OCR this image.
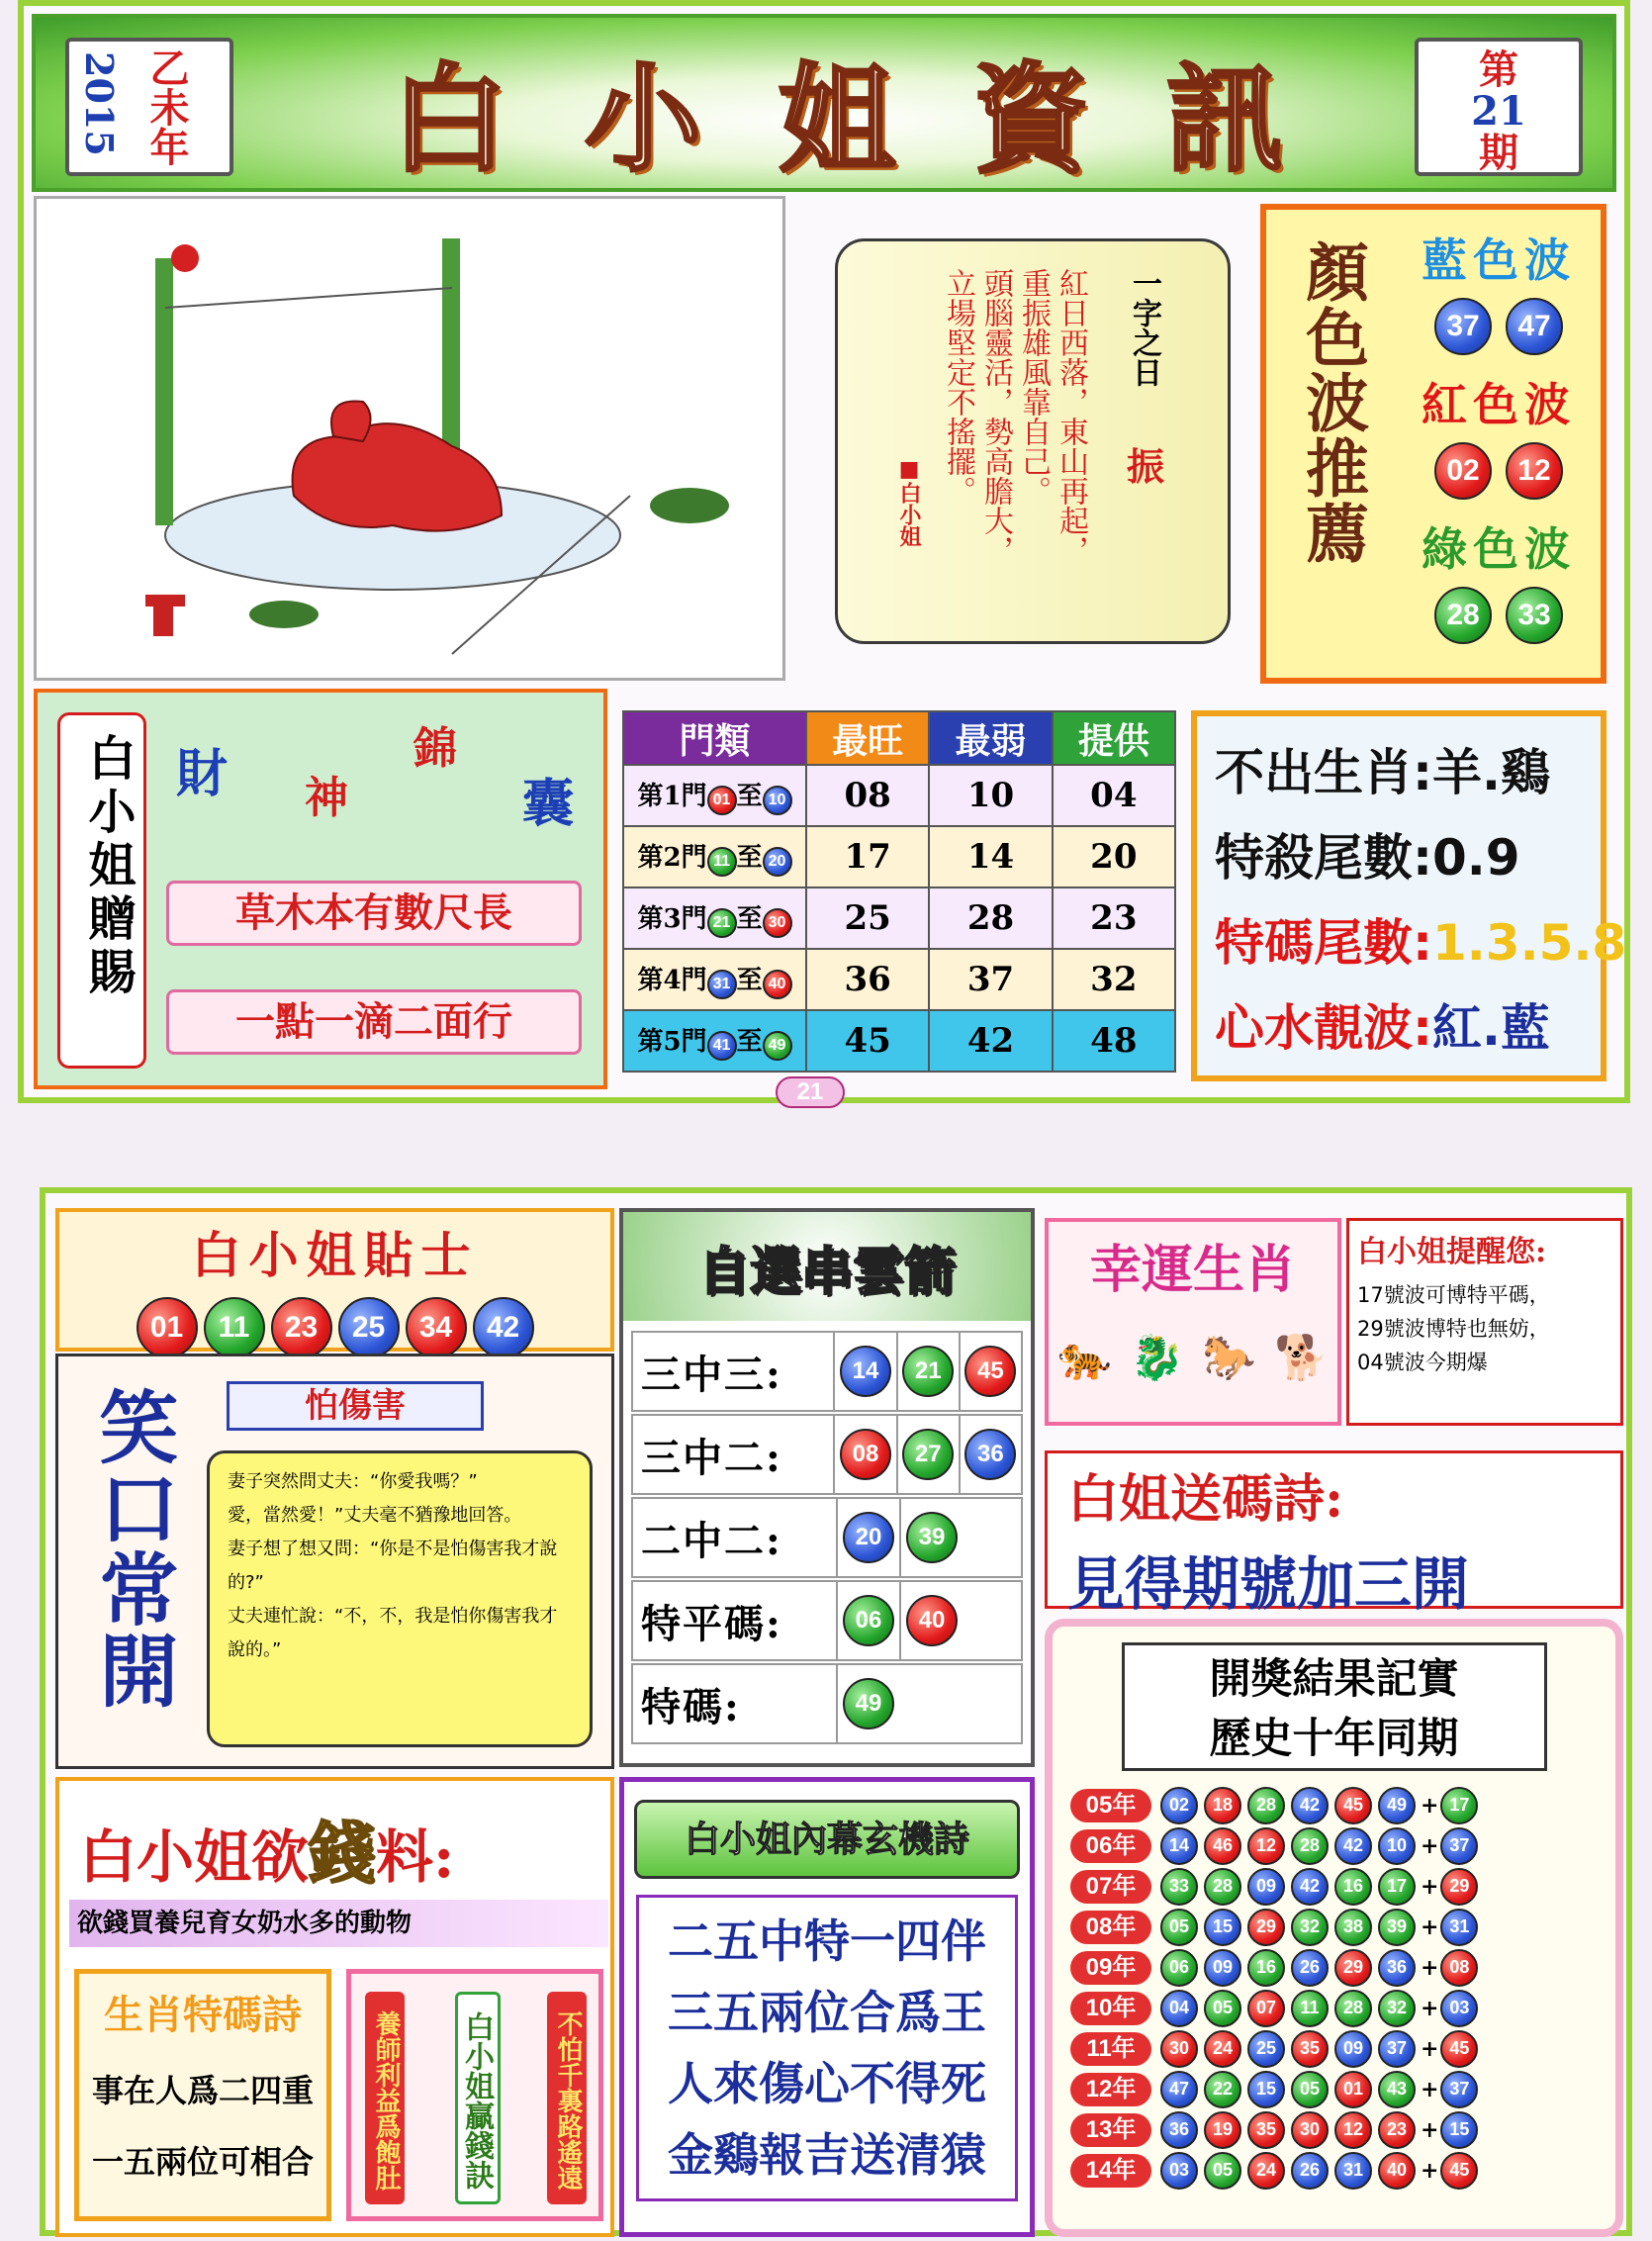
2015 乙未年 白 小 姐 資 訊	第
21
期
一字之日
振
紅日西落，東山再起，
重振雄風靠自己。
頭腦靈活，勢高膽大，
立場堅定不搖擺。
■白小姐	顏色波推薦	藍色波
37	47
紅色波
02	12
綠色波
28	33
白小姐贈賜 財 神
錦
囊
草木本有數尺長
一點一滴二面行
門類	最旺	最弱	提供
第1門 01 至 10	08	10	04
第2門 11 至 20	17	14	20
第3門 21 至 30	25	28	23
第4門 31 至 40	36	37	32
第5門 41 至 49	45	42	48
不出生肖:羊.鷄
特殺尾數:0.9
特碼尾數:1.3.5.8
心水靚波:紅.藍
21
白小姐貼士
01 11 23 25 34 42
笑口常開	怕傷害

妻子突然問丈夫：“你愛我嗎？”

愛，當然愛！”丈夫毫不猶豫地回答。

妻子想了想又問：“你是不是怕傷害我才說的?”

丈夫連忙說：“不，不，我是怕你傷害我才說的。”

白小姐欲錢料:
欲錢買養兒育女奶水多的動物
生肖特碼詩
事在人爲二四重
一五兩位可相合	養師利益爲飽肚 白小姐贏錢訣 不怕千裏路遙遠
自選串雲箭
三中三:	14	21	45
三中二:	08	27	36
二中二:	20	39
特平碼:	06	40
特碼:	49
幸運生肖
🐅 🐉 🐎 🐕
白小姐提醒您:
17號波可博特平碼，
29號波博特也無妨，
04號波今期爆
白姐送碼詩:
見得期號加三開
白小姐內幕玄機詩
二五中特一四伴
三五兩位合爲王
人來傷心不得死
金鷄報吉送清猿
開獎結果記實
歷史十年同期
05年	02	18	28	42	45	49 + 17
06年	14	46	12	28	42	10 + 37
07年	33	28	09	42	16	17 + 29
08年	05	15	29	32	38	39 + 31
09年	06	09	16	26	29	36 + 08
10年	04	05	07	11	28	32 + 03
11年	30	24	25	35	09	37 + 45
12年	47	22	15	05	01	43 + 37
13年	36	19	35	30	12	23 + 15
14年	03	05	24	26	31	40 + 45
